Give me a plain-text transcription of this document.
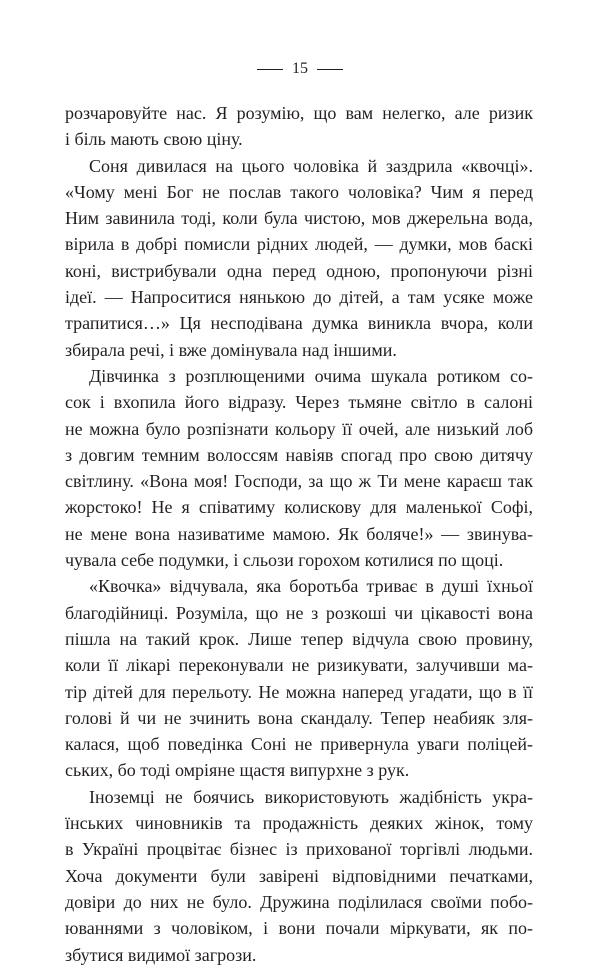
15

розчаровуйте нас. Я розумію, що вам нелегко, але ризик
і біль мають свою ціну.

Соня дивилася на цього чоловіка й заздрила «квочці».
«Чому мені Бог не послав такого чоловіка? Чим я перед
Ним завинила тоді, коли була чистою, мов джерельна вода,
вірила в добрі помисли рідних людей, — думки, мов баскі
коні, вистрибували одна перед одною, пропонуючи різні
ідеї. — Напроситися нянькою до дітей, а там усяке може
трапитися…» Ця несподівана думка виникла вчора, коли
збирала речі, і вже домінувала над іншими.

Дівчинка з розплющеними очима шукала ротиком со-
сок і вхопила його відразу. Через тьмяне світло в салоні
не можна було розпізнати кольору її очей, але низький лоб
з довгим темним волоссям навіяв спогад про свою дитячу
світлину. «Вона моя! Господи, за що ж Ти мене караєш так
жорстоко! Не я співатиму колискову для маленької Софі,
не мене вона називатиме мамою. Як боляче!» — звинува-
чувала себе подумки, і сльози горохом котилися по щоці.

«Квочка» відчувала, яка боротьба триває в душі їхньої
благодійниці. Розуміла, що не з розкоші чи цікавості вона
пішла на такий крок. Лише тепер відчула свою провину,
коли її лікарі переконували не ризикувати, залучивши ма-
тір дітей для перельоту. Не можна наперед угадати, що в її
голові й чи не зчинить вона скандалу. Тепер неабияк зля-
калася, щоб поведінка Соні не привернула уваги поліцей-
ських, бо тоді омріяне щастя випурхне з рук.

Іноземці не боячись використовують жадібність укра-
їнських чиновників та продажність деяких жінок, тому
в Україні процвітає бізнес із прихованої торгівлі людьми.
Хоча документи були завірені відповідними печатками,
довіри до них не було. Дружина поділилася своїми побо-
юваннями з чоловіком, і вони почали міркувати, як по-
збутися видимої загрози.
